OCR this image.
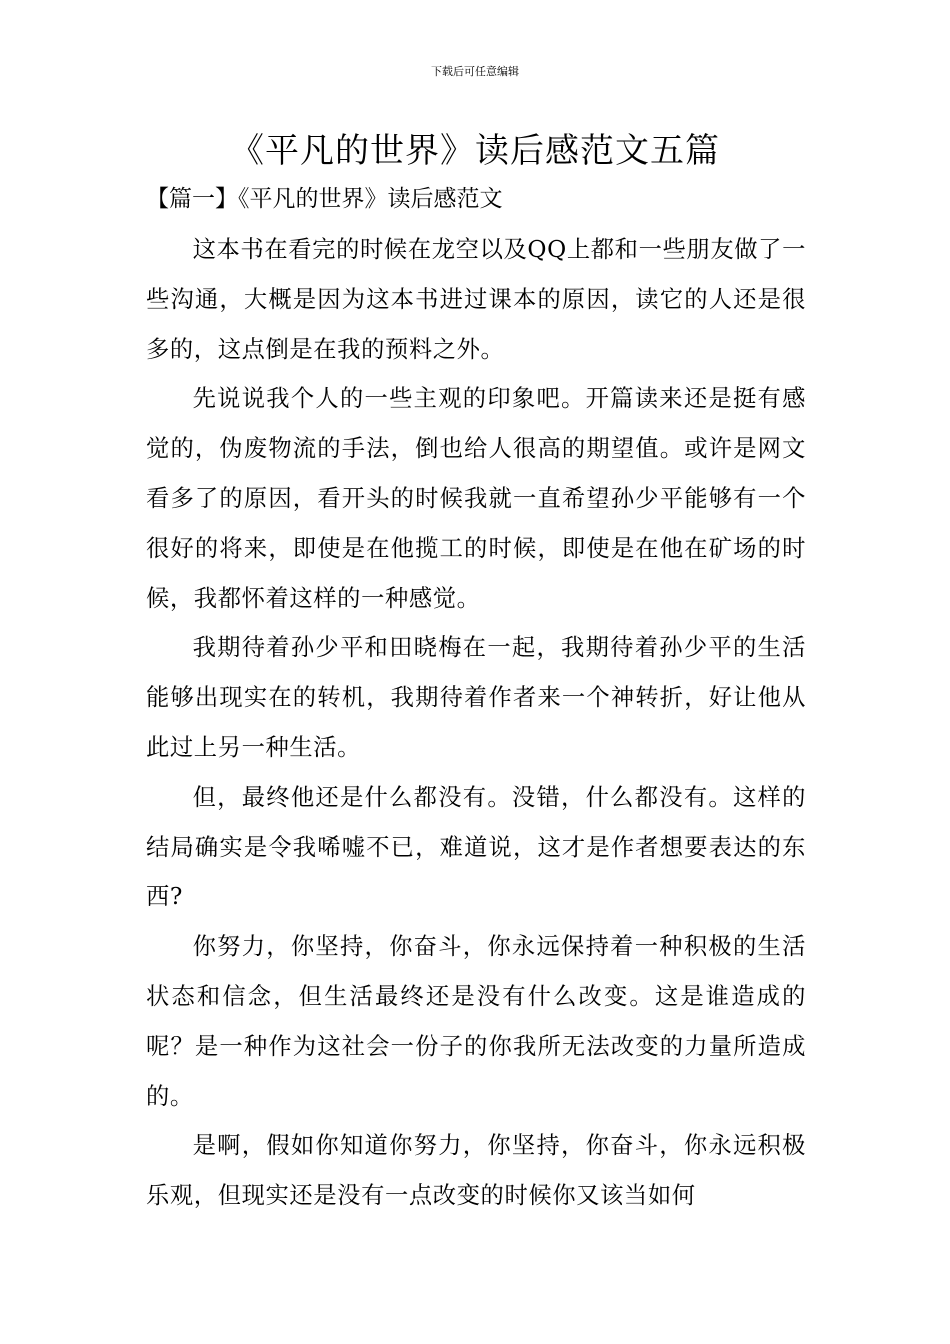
下载后可任意编辑
《平凡的世界》读后感范文五篇
【篇一】《平凡的世界》读后感范文

这本书在看完的时候在龙空以及QQ上都和一些朋友做了一些沟通，大概是因为这本书进过课本的原因，读它的人还是很多的，这点倒是在我的预料之外。

先说说我个人的一些主观的印象吧。开篇读来还是挺有感觉的，伪废物流的手法，倒也给人很高的期望值。或许是网文看多了的原因，看开头的时候我就一直希望孙少平能够有一个很好的将来，即使是在他揽工的时候，即使是在他在矿场的时候，我都怀着这样的一种感觉。

我期待着孙少平和田晓梅在一起，我期待着孙少平的生活能够出现实在的转机，我期待着作者来一个神转折，好让他从此过上另一种生活。

但，最终他还是什么都没有。没错，什么都没有。这样的结局确实是令我唏嘘不已，难道说，这才是作者想要表达的东西?

你努力，你坚持，你奋斗，你永远保持着一种积极的生活状态和信念，但生活最终还是没有什么改变。这是谁造成的呢？是一种作为这社会一份子的你我所无法改变的力量所造成的。

是啊，假如你知道你努力，你坚持，你奋斗，你永远积极乐观，但现实还是没有一点改变的时候你又该当如何
